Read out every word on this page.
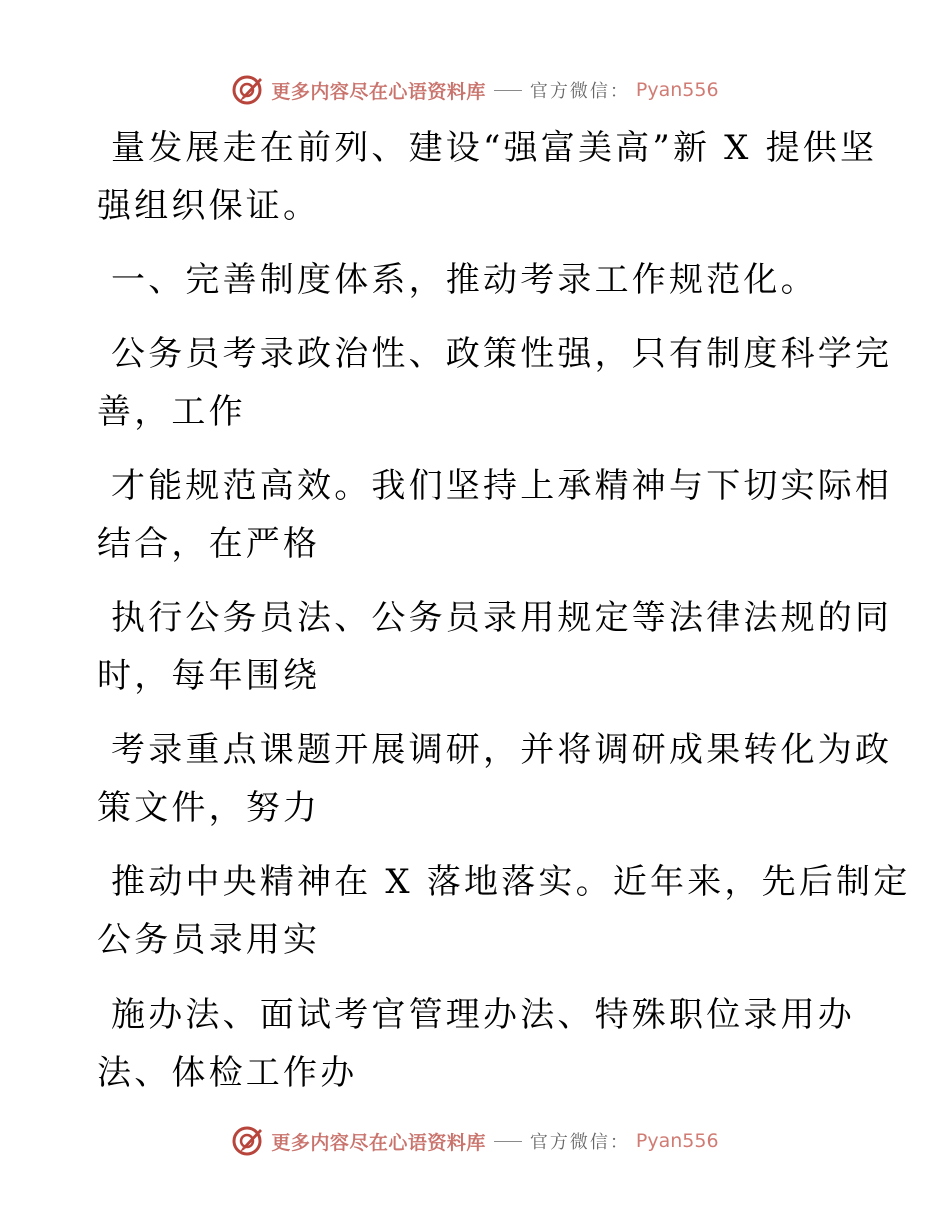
更多内容尽在心语资料库 官方微信： Pyan556
量发展走在前列、建设“强富美高”新 X 提供坚
强组织保证。
一、完善制度体系，推动考录工作规范化。
公务员考录政治性、政策性强，只有制度科学完
善，工作
才能规范高效。我们坚持上承精神与下切实际相
结合，在严格
执行公务员法、公务员录用规定等法律法规的同
时，每年围绕
考录重点课题开展调研，并将调研成果转化为政
策文件，努力
推动中央精神在 X 落地落实。近年来，先后制定
公务员录用实
施办法、面试考官管理办法、特殊职位录用办
法、体检工作办
更多内容尽在心语资料库 官方微信： Pyan556
